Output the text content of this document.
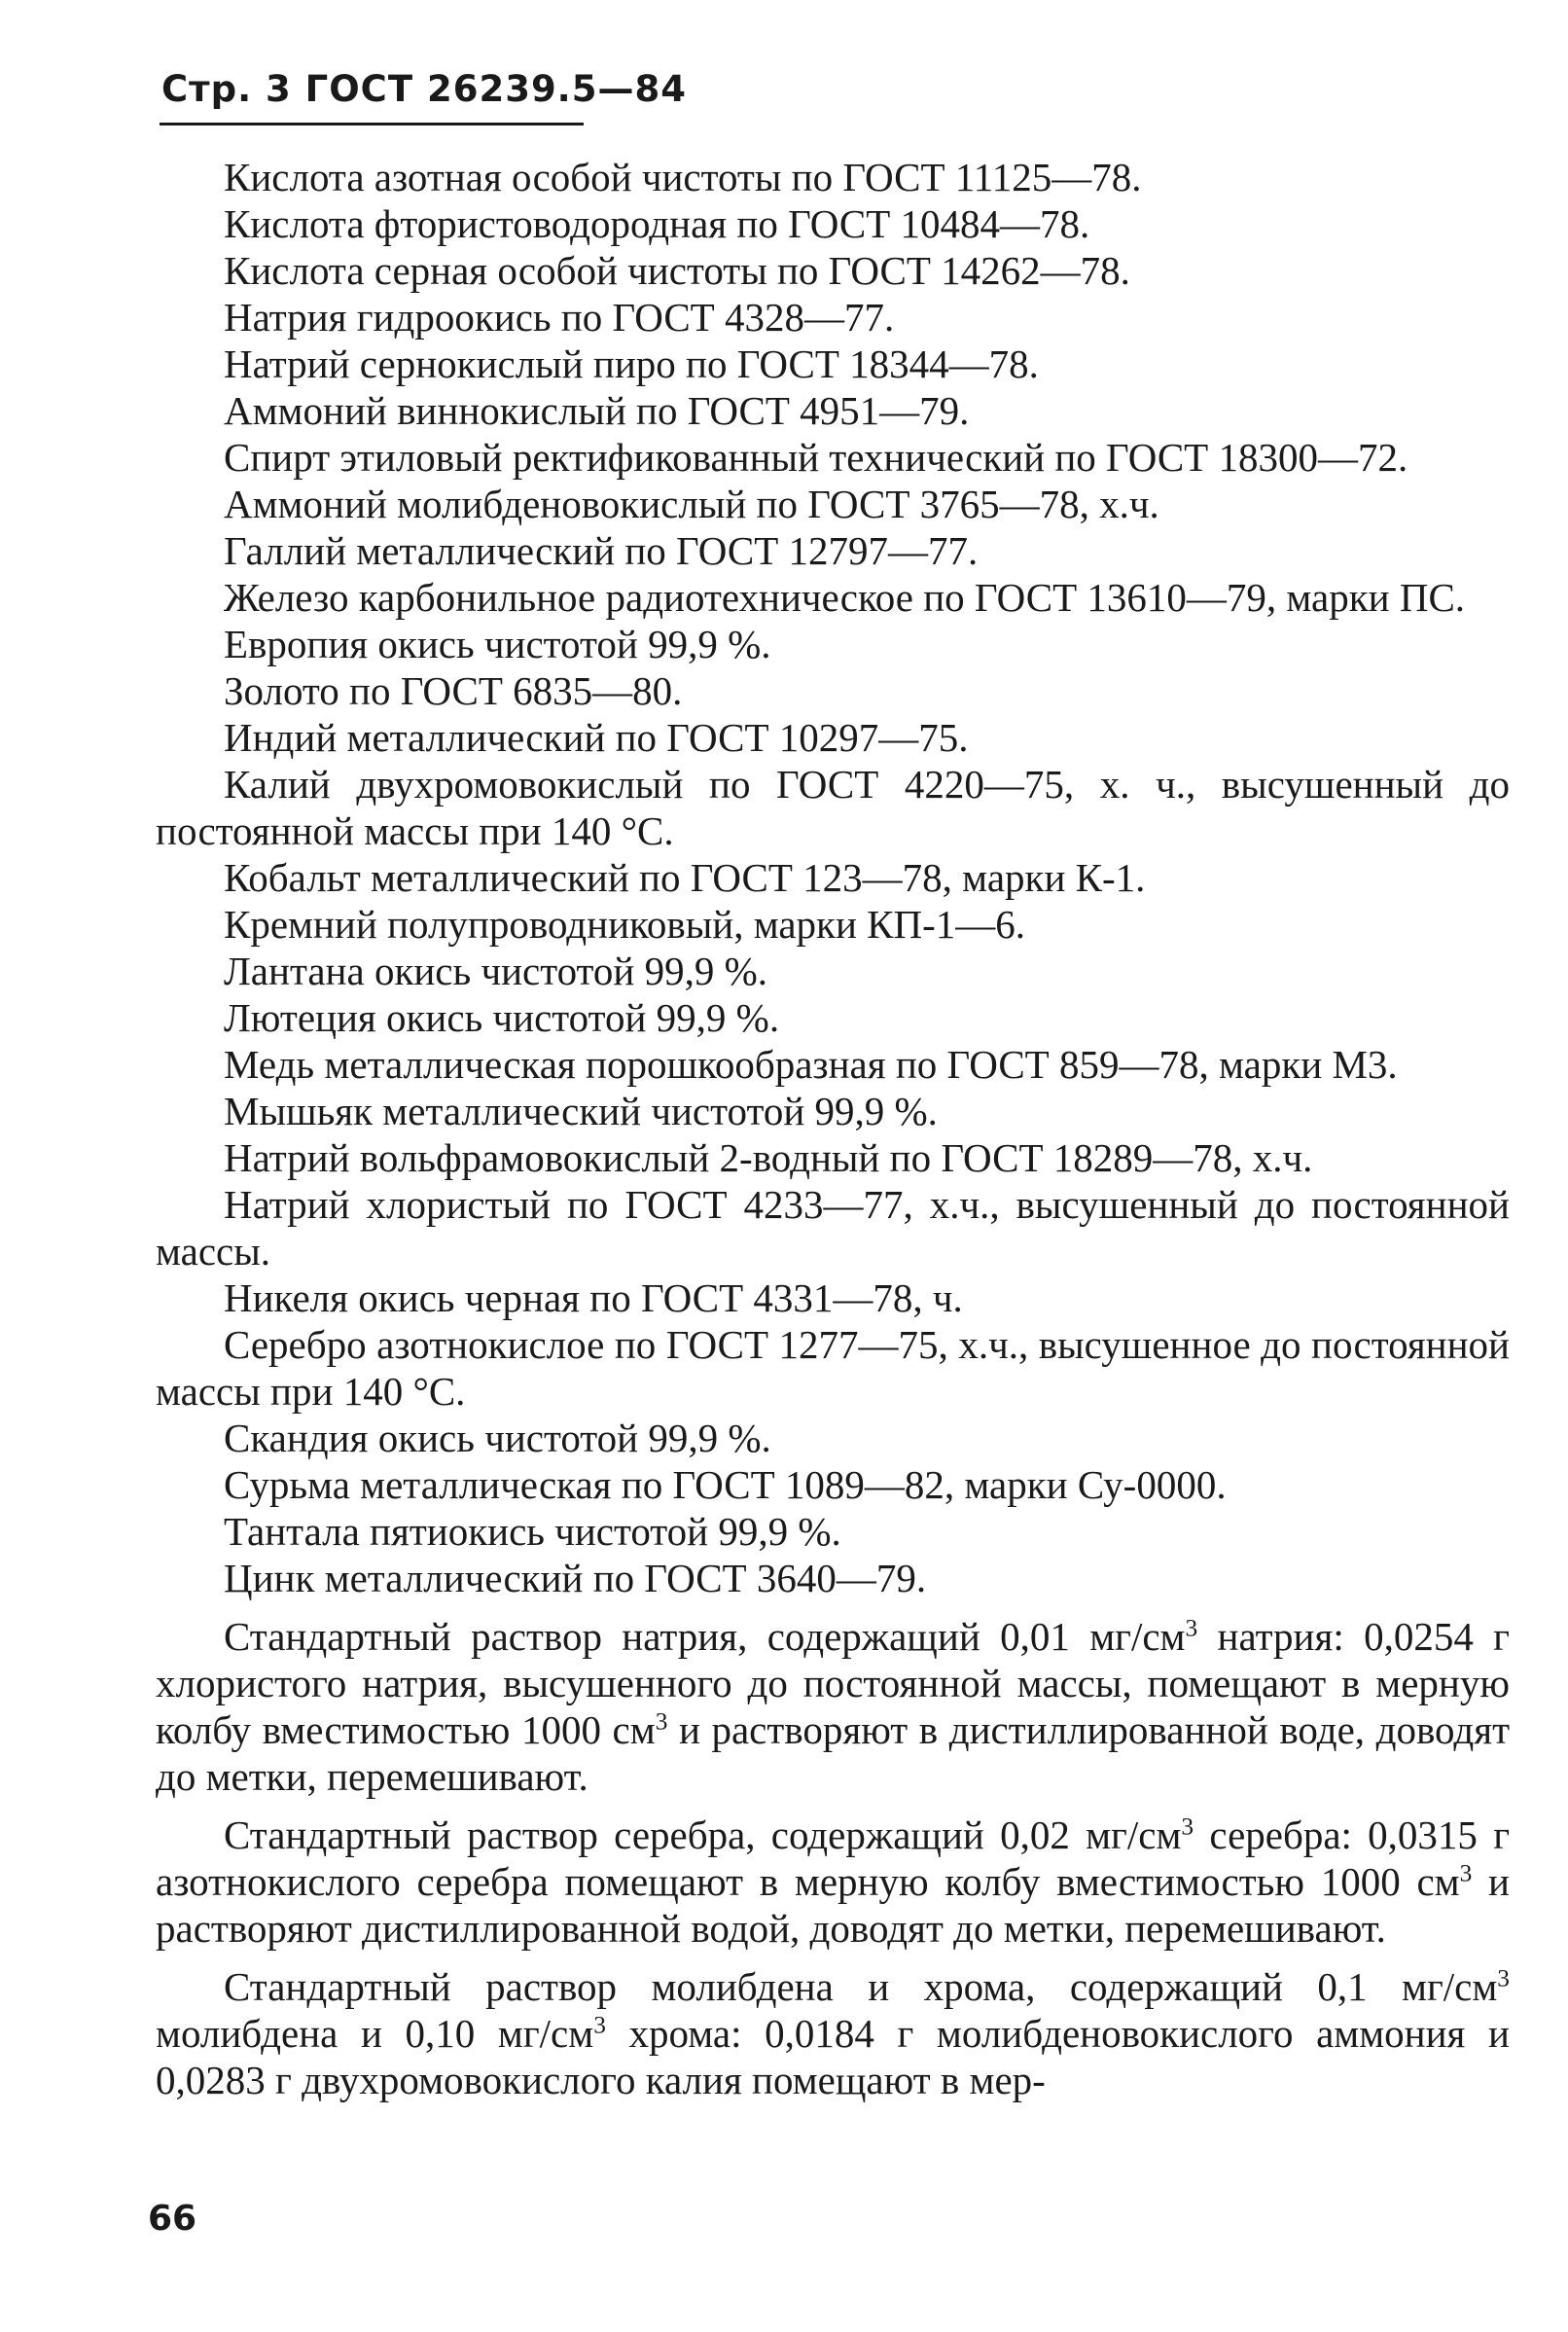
Стр. 3 ГОСТ 26239.5—84

Кислота азотная особой чистоты по ГОСТ 11125—78.

Кислота фтористоводородная по ГОСТ 10484—78.

Кислота серная особой чистоты по ГОСТ 14262—78.

Натрия гидроокись по ГОСТ 4328—77.

Натрий сернокислый пиро по ГОСТ 18344—78.

Аммоний виннокислый по ГОСТ 4951—79.

Спирт этиловый ректификованный технический по ГОСТ 18300—72.

Аммоний молибденовокислый по ГОСТ 3765—78, х.ч.

Галлий металлический по ГОСТ 12797—77.

Железо карбонильное радиотехническое по ГОСТ 13610—79, марки ПС.

Европия окись чистотой 99,9 %.

Золото по ГОСТ 6835—80.

Индий металлический по ГОСТ 10297—75.

Калий двухромовокислый по ГОСТ 4220—75, х. ч., высушенный до постоянной массы при 140 °С.

Кобальт металлический по ГОСТ 123—78, марки К-1.

Кремний полупроводниковый, марки КП-1—6.

Лантана окись чистотой 99,9 %.

Лютеция окись чистотой 99,9 %.

Медь металлическая порошкообразная по ГОСТ 859—78, марки М3.

Мышьяк металлический чистотой 99,9 %.

Натрий вольфрамовокислый 2-водный по ГОСТ 18289—78, х.ч.

Натрий хлористый по ГОСТ 4233—77, х.ч., высушенный до постоянной массы.

Никеля окись черная по ГОСТ 4331—78, ч.

Серебро азотнокислое по ГОСТ 1277—75, х.ч., высушенное до постоянной массы при 140 °С.

Скандия окись чистотой 99,9 %.

Сурьма металлическая по ГОСТ 1089—82, марки Су-0000.

Тантала пятиокись чистотой 99,9 %.

Цинк металлический по ГОСТ 3640—79.

Стандартный раствор натрия, содержащий 0,01 $мг/см^3$ натрия: 0,0254 г хлористого натрия, высушенного до постоянной массы, помещают в мерную колбу вместимостью 1000 $см^3$ и растворяют в дистиллированной воде, доводят до метки, перемешивают.

Стандартный раствор серебра, содержащий 0,02 $мг/см^3$ серебра: 0,0315 г азотнокислого серебра помещают в мерную колбу вместимостью 1000 $см^3$ и растворяют дистиллированной водой, доводят до метки, перемешивают.

Стандартный раствор молибдена и хрома, содержащий 0,1 $мг/см^3$ молибдена и 0,10 $мг/см^3$ хрома: 0,0184 г молибденовокислого аммония и 0,0283 г двухромовокислого калия помещают в мер-

66
